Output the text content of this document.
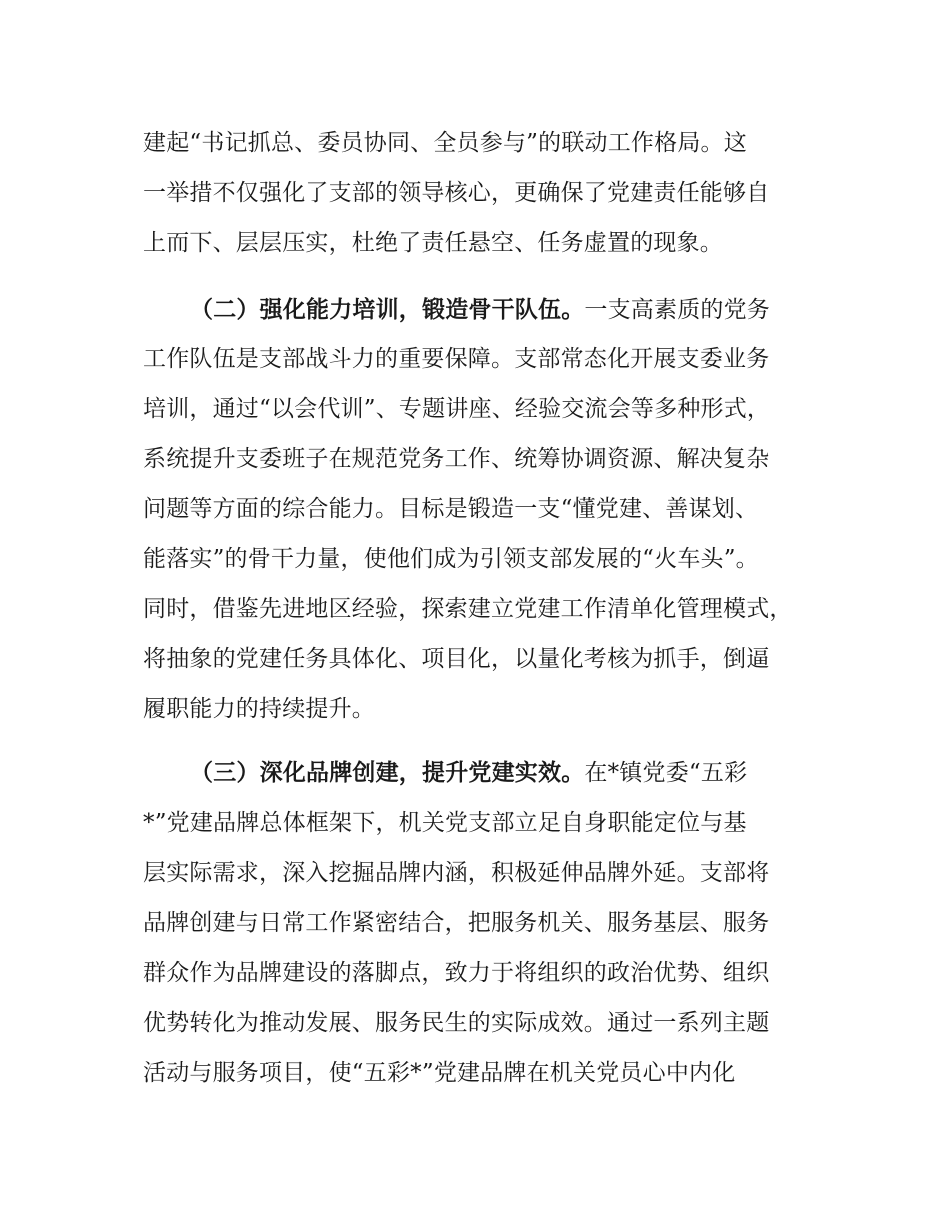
建起“书记抓总、委员协同、全员参与”的联动工作格局。这
一举措不仅强化了支部的领导核心，更确保了党建责任能够自
上而下、层层压实，杜绝了责任悬空、任务虚置的现象。
（二）强化能力培训，锻造骨干队伍。一支高素质的党务
工作队伍是支部战斗力的重要保障。支部常态化开展支委业务
培训，通过“以会代训”、专题讲座、经验交流会等多种形式，
系统提升支委班子在规范党务工作、统筹协调资源、解决复杂
问题等方面的综合能力。目标是锻造一支“懂党建、善谋划、
能落实”的骨干力量，使他们成为引领支部发展的“火车头”。
同时，借鉴先进地区经验，探索建立党建工作清单化管理模式，
将抽象的党建任务具体化、项目化，以量化考核为抓手，倒逼
履职能力的持续提升。
（三）深化品牌创建，提升党建实效。在*镇党委“五彩
*”党建品牌总体框架下，机关党支部立足自身职能定位与基
层实际需求，深入挖掘品牌内涵，积极延伸品牌外延。支部将
品牌创建与日常工作紧密结合，把服务机关、服务基层、服务
群众作为品牌建设的落脚点，致力于将组织的政治优势、组织
优势转化为推动发展、服务民生的实际成效。通过一系列主题
活动与服务项目，使“五彩*”党建品牌在机关党员心中内化
